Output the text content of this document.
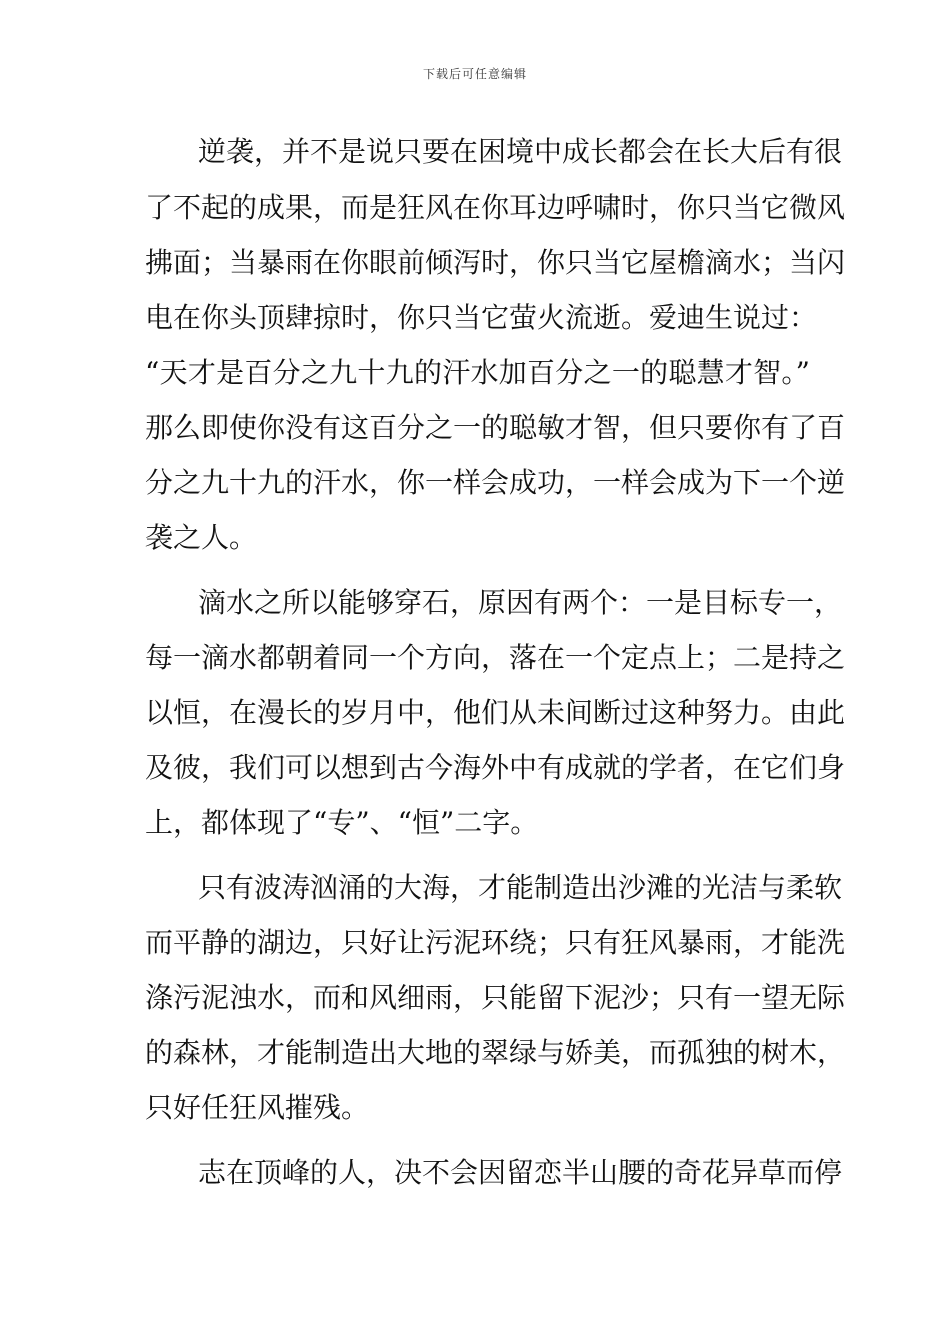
下载后可任意编辑
逆袭，并不是说只要在困境中成长都会在长大后有很
了不起的成果，而是狂风在你耳边呼啸时，你只当它微风
拂面；当暴雨在你眼前倾泻时，你只当它屋檐滴水；当闪
电在你头顶肆掠时，你只当它萤火流逝。爱迪生说过：
“天才是百分之九十九的汗水加百分之一的聪慧才智。”
那么即使你没有这百分之一的聪敏才智，但只要你有了百
分之九十九的汗水，你一样会成功，一样会成为下一个逆
袭之人。
滴水之所以能够穿石，原因有两个：一是目标专一，
每一滴水都朝着同一个方向，落在一个定点上；二是持之
以恒，在漫长的岁月中，他们从未间断过这种努力。由此
及彼，我们可以想到古今海外中有成就的学者，在它们身
上，都体现了“专”、“恒”二字。
只有波涛汹涌的大海，才能制造出沙滩的光洁与柔软
而平静的湖边，只好让污泥环绕；只有狂风暴雨，才能洗
涤污泥浊水，而和风细雨，只能留下泥沙；只有一望无际
的森林，才能制造出大地的翠绿与娇美，而孤独的树木，
只好任狂风摧残。
志在顶峰的人，决不会因留恋半山腰的奇花异草而停
